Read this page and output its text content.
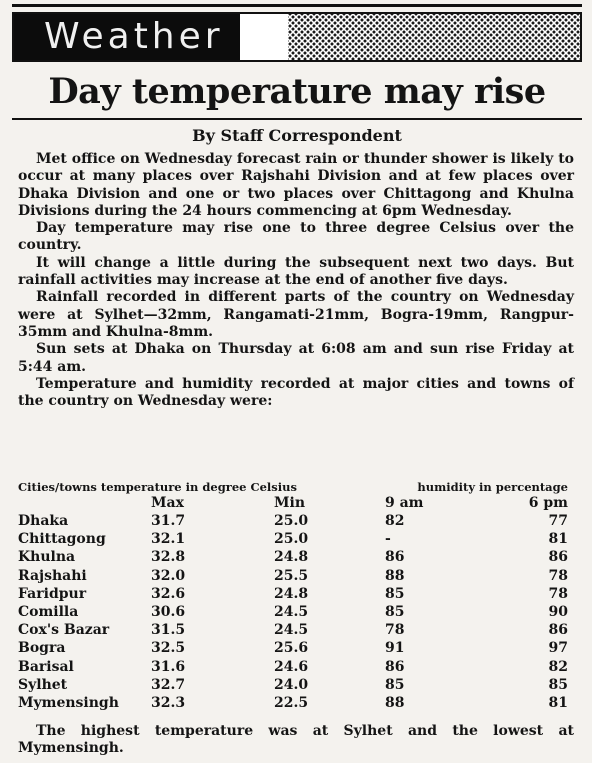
Weather
Day temperature may rise
By Staff Correspondent

Met office on Wednesday forecast rain or thunder shower is likely to occur at many places over Rajshahi Division and at few places over Dhaka Division and one or two places over Chittagong and Khulna Divisions during the 24 hours commencing at 6pm Wednesday.

Day temperature may rise one to three degree Celsius over the country.

It will change a little during the subsequent next two days. But rainfall activities may increase at the end of another five days.

Rainfall recorded in different parts of the country on Wednesday were at Sylhet—32mm, Rangamati-21mm, Bogra-19mm, Rangpur-35mm and Khulna-8mm.

Sun sets at Dhaka on Thursday at 6:08 am and sun rise Friday at 5:44 am.

Temperature and humidity recorded at major cities and towns of the country on Wednesday were:

Cities/towns temperature in degree Celsius	humidity in percentage
Max	Min	9 am	6 pm
Dhaka	31.7	25.0	82	77
Chittagong	32.1	25.0	-	81
Khulna	32.8	24.8	86	86
Rajshahi	32.0	25.5	88	78
Faridpur	32.6	24.8	85	78
Comilla	30.6	24.5	85	90
Cox's Bazar	31.5	24.5	78	86
Bogra	32.5	25.6	91	97
Barisal	31.6	24.6	86	82
Sylhet	32.7	24.0	85	85
Mymensingh 32.3	22.5	88	81

The highest temperature was at Sylhet and the lowest at Mymensingh.
